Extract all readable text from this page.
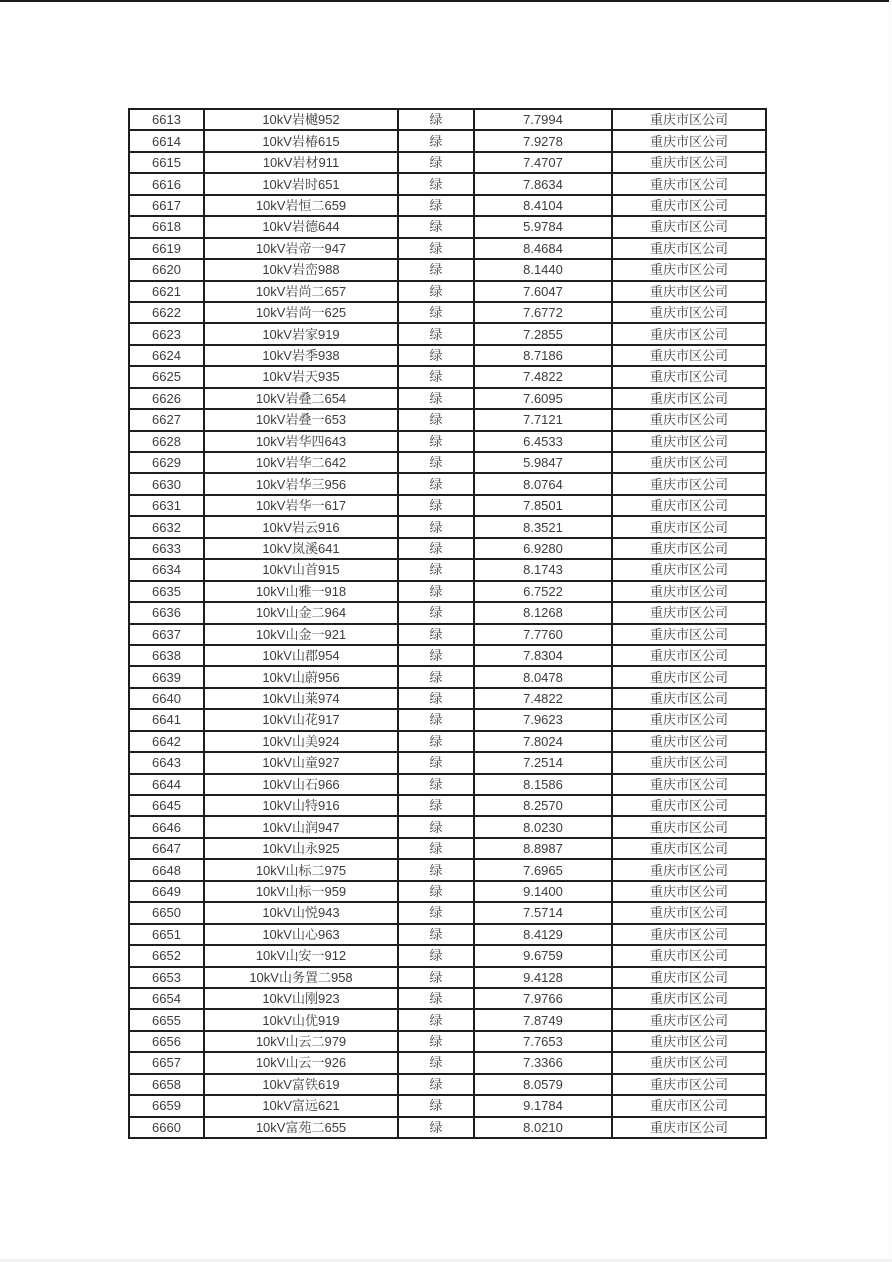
6613	10kV岩樾952	绿	7.7994	重庆市区公司
6614	10kV岩椿615	绿	7.9278	重庆市区公司
6615	10kV岩材911	绿	7.4707	重庆市区公司
6616	10kV岩时651	绿	7.8634	重庆市区公司
6617	10kV岩恒二659	绿	8.4104	重庆市区公司
6618	10kV岩德644	绿	5.9784	重庆市区公司
6619	10kV岩帝一947	绿	8.4684	重庆市区公司
6620	10kV岩峦988	绿	8.1440	重庆市区公司
6621	10kV岩尚二657	绿	7.6047	重庆市区公司
6622	10kV岩尚一625	绿	7.6772	重庆市区公司
6623	10kV岩家919	绿	7.2855	重庆市区公司
6624	10kV岩季938	绿	8.7186	重庆市区公司
6625	10kV岩天935	绿	7.4822	重庆市区公司
6626	10kV岩叠二654	绿	7.6095	重庆市区公司
6627	10kV岩叠一653	绿	7.7121	重庆市区公司
6628	10kV岩华四643	绿	6.4533	重庆市区公司
6629	10kV岩华二642	绿	5.9847	重庆市区公司
6630	10kV岩华三956	绿	8.0764	重庆市区公司
6631	10kV岩华一617	绿	7.8501	重庆市区公司
6632	10kV岩云916	绿	8.3521	重庆市区公司
6633	10kV岚溪641	绿	6.9280	重庆市区公司
6634	10kV山首915	绿	8.1743	重庆市区公司
6635	10kV山雅一918	绿	6.7522	重庆市区公司
6636	10kV山金二964	绿	8.1268	重庆市区公司
6637	10kV山金一921	绿	7.7760	重庆市区公司
6638	10kV山郡954	绿	7.8304	重庆市区公司
6639	10kV山蔚956	绿	8.0478	重庆市区公司
6640	10kV山莱974	绿	7.4822	重庆市区公司
6641	10kV山花917	绿	7.9623	重庆市区公司
6642	10kV山美924	绿	7.8024	重庆市区公司
6643	10kV山童927	绿	7.2514	重庆市区公司
6644	10kV山石966	绿	8.1586	重庆市区公司
6645	10kV山特916	绿	8.2570	重庆市区公司
6646	10kV山润947	绿	8.0230	重庆市区公司
6647	10kV山永925	绿	8.8987	重庆市区公司
6648	10kV山标二975	绿	7.6965	重庆市区公司
6649	10kV山标一959	绿	9.1400	重庆市区公司
6650	10kV山悦943	绿	7.5714	重庆市区公司
6651	10kV山心963	绿	8.4129	重庆市区公司
6652	10kV山安一912	绿	9.6759	重庆市区公司
6653	10kV山务置二958	绿	9.4128	重庆市区公司
6654	10kV山刚923	绿	7.9766	重庆市区公司
6655	10kV山优919	绿	7.8749	重庆市区公司
6656	10kV山云二979	绿	7.7653	重庆市区公司
6657	10kV山云一926	绿	7.3366	重庆市区公司
6658	10kV富铁619	绿	8.0579	重庆市区公司
6659	10kV富远621	绿	9.1784	重庆市区公司
6660	10kV富苑二655	绿	8.0210	重庆市区公司
